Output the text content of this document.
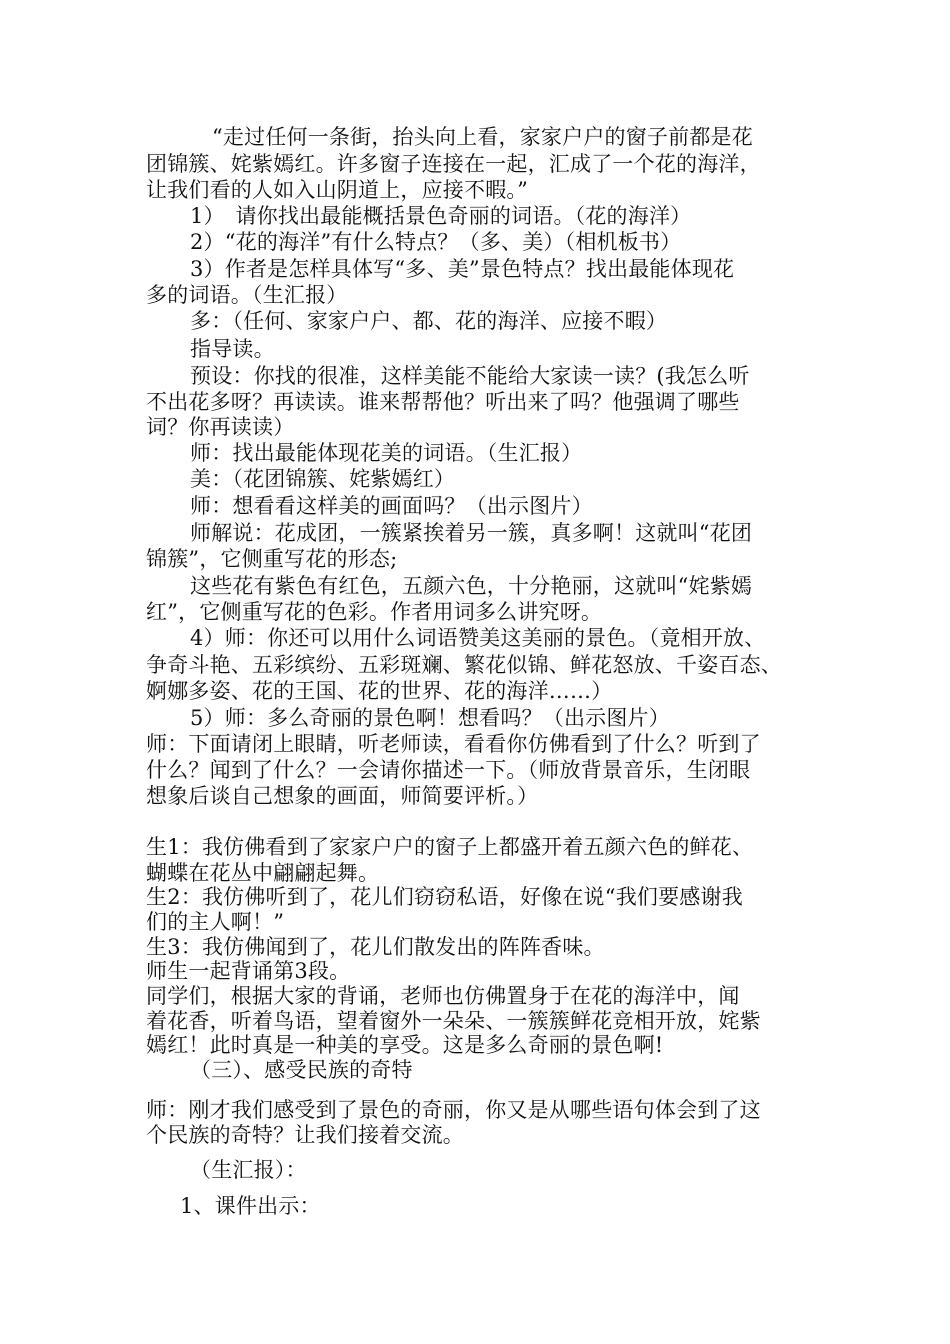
“走过任何一条街，抬头向上看，家家户户的窗子前都是花
团锦簇、姹紫嫣红。许多窗子连接在一起，汇成了一个花的海洋，
让我们看的人如入山阴道上，应接不暇。”
1）　请你找出最能概括景色奇丽的词语。（花的海洋）
2）“花的海洋”有什么特点？（多、美）（相机板书）
3）作者是怎样具体写“多、美”景色特点？找出最能体现花
多的词语。（生汇报）
多：（任何、家家户户、都、花的海洋、应接不暇）
指导读。
预设：你找的很准，这样美能不能给大家读一读？(我怎么听
不出花多呀？再读读。谁来帮帮他？听出来了吗？他强调了哪些
词？你再读读）
师：找出最能体现花美的词语。（生汇报）
美：（花团锦簇、姹紫嫣红）
师：想看看这样美的画面吗？（出示图片）
师解说：花成团，一簇紧挨着另一簇，真多啊！这就叫“花团
锦簇”，它侧重写花的形态;
这些花有紫色有红色，五颜六色，十分艳丽，这就叫“姹紫嫣
红”，它侧重写花的色彩。作者用词多么讲究呀。
4）师：你还可以用什么词语赞美这美丽的景色。（竟相开放、
争奇斗艳、五彩缤纷、五彩斑斓、繁花似锦、鲜花怒放、千姿百态、
婀娜多姿、花的王国、花的世界、花的海洋……）
5）师：多么奇丽的景色啊！想看吗？（出示图片）
师：下面请闭上眼睛，听老师读，看看你仿佛看到了什么？听到了
什么？闻到了什么？一会请你描述一下。（师放背景音乐，生闭眼
想象后谈自己想象的画面，师简要评析。）
生1：我仿佛看到了家家户户的窗子上都盛开着五颜六色的鲜花、
蝴蝶在花丛中翩翩起舞。
生2：我仿佛听到了，花儿们窃窃私语，好像在说“我们要感谢我
们的主人啊！”
生3：我仿佛闻到了，花儿们散发出的阵阵香味。
师生一起背诵第3段。
同学们，根据大家的背诵，老师也仿佛置身于在花的海洋中，闻
着花香，听着鸟语，望着窗外一朵朵、一簇簇鲜花竞相开放，姹紫
嫣红！此时真是一种美的享受。这是多么奇丽的景色啊!
（三）、感受民族的奇特
师：刚才我们感受到了景色的奇丽，你又是从哪些语句体会到了这
个民族的奇特？让我们接着交流。
（生汇报）：
1、课件出示：
